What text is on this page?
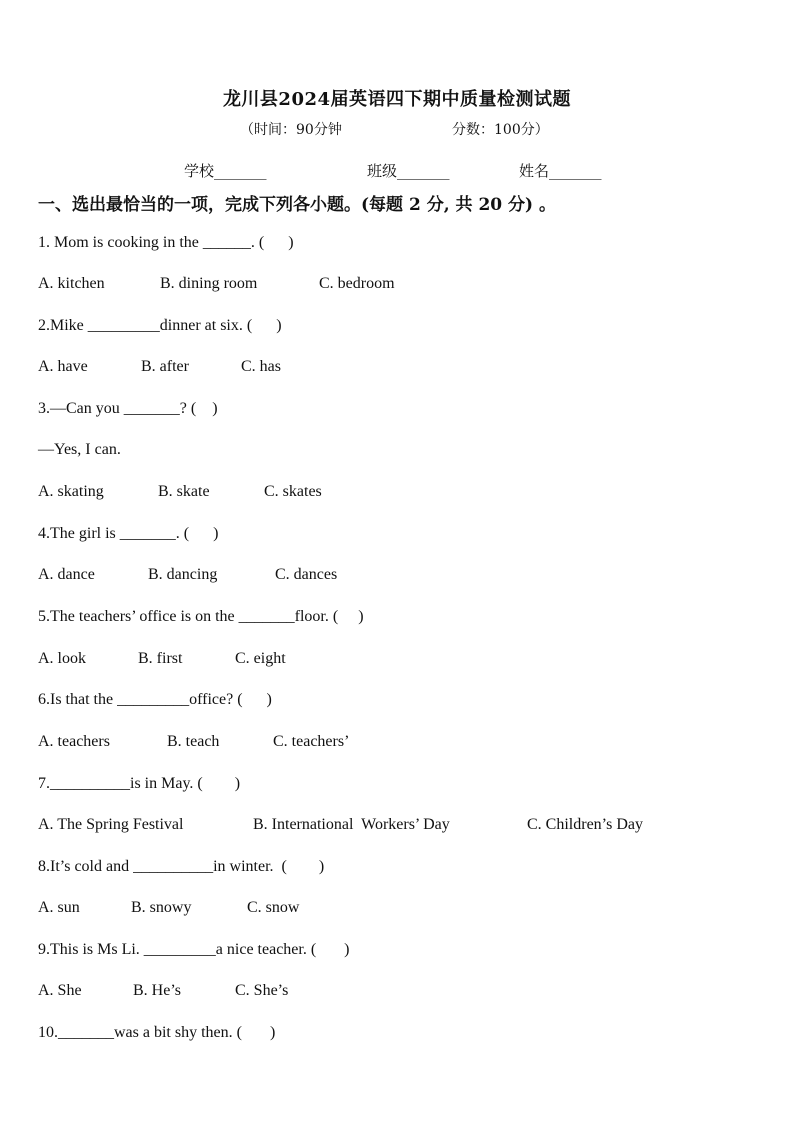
龙川县2024届英语四下期中质量检测试题
（时间：90分钟	分数：100分）
学校_______	班级_______	姓名_______
一、选出最恰当的一项，完成下列各小题。(每题 2 分, 共 20 分) 。
1. Mom is cooking in the ______. (      )
A. kitchen	B. dining room	C. bedroom
2.Mike _________dinner at six. (      )
A. have	B. after	C. has
3.—Can you _______? (    )
—Yes, I can.
A. skating	B. skate	C. skates
4.The girl is _______. (      )
A. dance	B. dancing	C. dances
5.The teachers’ office is on the _______floor. (     )
A. look	B. first	C. eight
6.Is that the _________office? (      )
A. teachers	B. teach	C. teachers’
7.__________is in May. (        )
A. The Spring Festival	B. International  Workers’ Day	C. Children’s Day
8.It’s cold and __________in winter.  (        )
A. sun	B. snowy	C. snow
9.This is Ms Li. _________a nice teacher. (       )
A. She	B. He’s	C. She’s
10._______was a bit shy then. (       )
